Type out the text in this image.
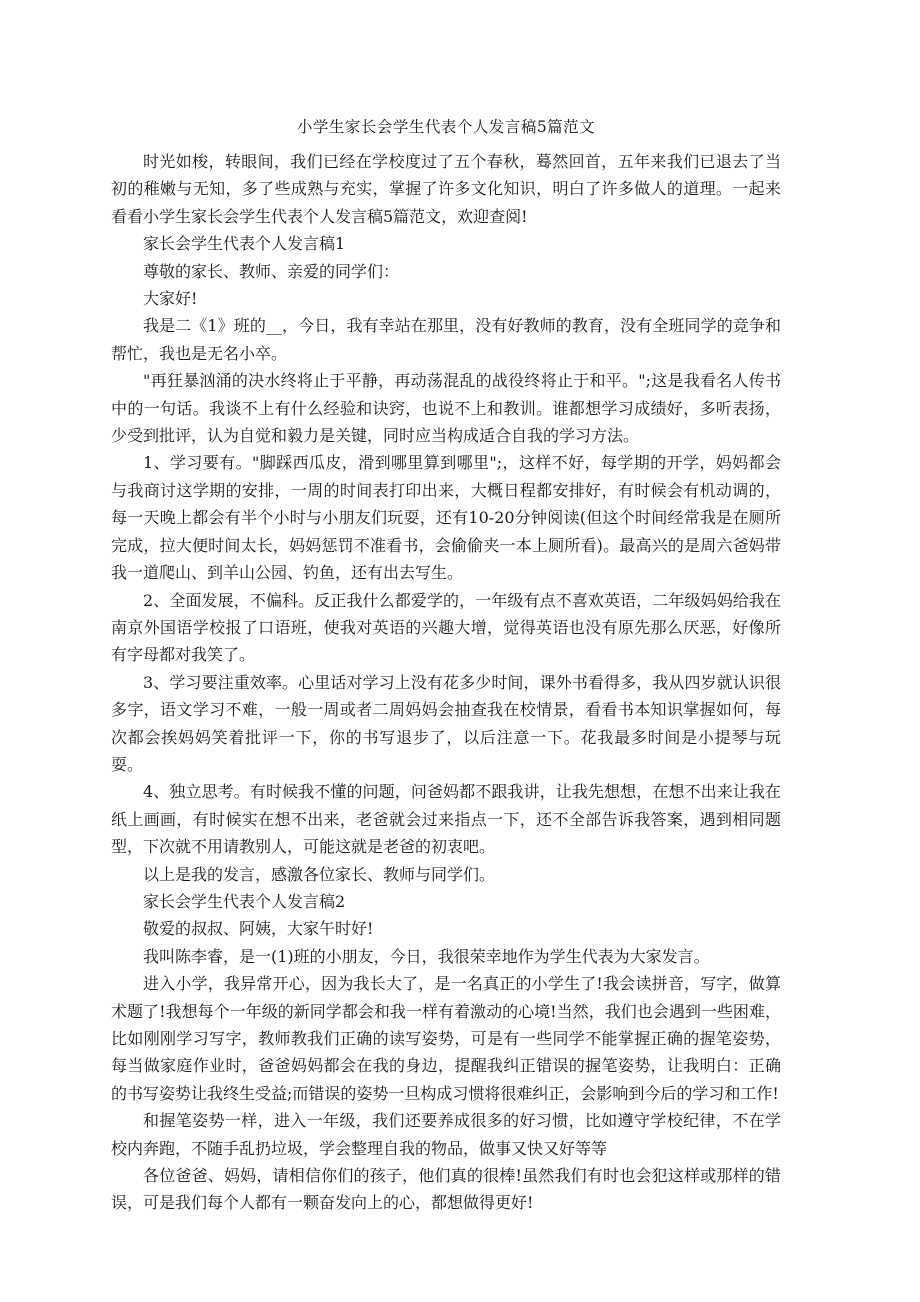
小学生家长会学生代表个人发言稿5篇范文

时光如梭，转眼间，我们已经在学校度过了五个春秋，蓦然回首，五年来我们已退去了当初的稚嫩与无知，多了些成熟与充实，掌握了许多文化知识，明白了许多做人的道理。一起来看看小学生家长会学生代表个人发言稿5篇范文，欢迎查阅!

家长会学生代表个人发言稿1

尊敬的家长、教师、亲爱的同学们：

大家好!

我是二《1》班的__，今日，我有幸站在那里，没有好教师的教育，没有全班同学的竞争和帮忙，我也是无名小卒。

"再狂暴汹涌的决水终将止于平静，再动荡混乱的战役终将止于和平。";这是我看名人传书中的一句话。我谈不上有什么经验和诀窍，也说不上和教训。谁都想学习成绩好，多听表扬，少受到批评，认为自觉和毅力是关键，同时应当构成适合自我的学习方法。

1、学习要有。"脚踩西瓜皮，滑到哪里算到哪里";，这样不好，每学期的开学，妈妈都会与我商讨这学期的安排，一周的时间表打印出来，大概日程都安排好，有时候会有机动调的，每一天晚上都会有半个小时与小朋友们玩耍，还有10-20分钟阅读(但这个时间经常我是在厕所完成，拉大便时间太长，妈妈惩罚不准看书，会偷偷夹一本上厕所看)。最高兴的是周六爸妈带我一道爬山、到羊山公园、钓鱼，还有出去写生。

2、全面发展，不偏科。反正我什么都爱学的，一年级有点不喜欢英语，二年级妈妈给我在南京外国语学校报了口语班，使我对英语的兴趣大增，觉得英语也没有原先那么厌恶，好像所有字母都对我笑了。

3、学习要注重效率。心里话对学习上没有花多少时间，课外书看得多，我从四岁就认识很多字，语文学习不难，一般一周或者二周妈妈会抽查我在校情景，看看书本知识掌握如何，每次都会挨妈妈笑着批评一下，你的书写退步了，以后注意一下。花我最多时间是小提琴与玩耍。

4、独立思考。有时候我不懂的问题，问爸妈都不跟我讲，让我先想想，在想不出来让我在纸上画画，有时候实在想不出来，老爸就会过来指点一下，还不全部告诉我答案，遇到相同题型，下次就不用请教别人，可能这就是老爸的初衷吧。

以上是我的发言，感激各位家长、教师与同学们。

家长会学生代表个人发言稿2

敬爱的叔叔、阿姨，大家午时好!

我叫陈李睿，是一(1)班的小朋友，今日，我很荣幸地作为学生代表为大家发言。

进入小学，我异常开心，因为我长大了，是一名真正的小学生了!我会读拼音，写字，做算术题了!我想每个一年级的新同学都会和我一样有着激动的心境!当然，我们也会遇到一些困难，比如刚刚学习写字，教师教我们正确的读写姿势，可是有一些同学不能掌握正确的握笔姿势，每当做家庭作业时，爸爸妈妈都会在我的身边，提醒我纠正错误的握笔姿势，让我明白：正确的书写姿势让我终生受益;而错误的姿势一旦构成习惯将很难纠正，会影响到今后的学习和工作!

和握笔姿势一样，进入一年级，我们还要养成很多的好习惯，比如遵守学校纪律，不在学校内奔跑，不随手乱扔垃圾，学会整理自我的物品，做事又快又好等等

各位爸爸、妈妈，请相信你们的孩子，他们真的很棒!虽然我们有时也会犯这样或那样的错误，可是我们每个人都有一颗奋发向上的心，都想做得更好!
